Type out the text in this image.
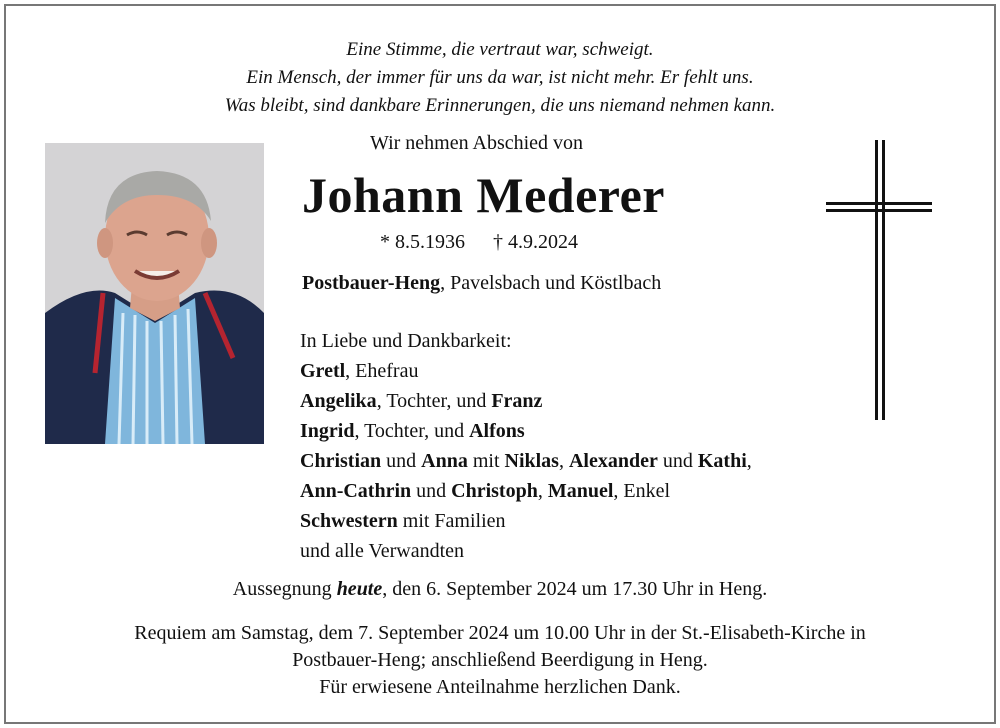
Eine Stimme, die vertraut war, schweigt.
Ein Mensch, der immer für uns da war, ist nicht mehr. Er fehlt uns.
Was bleibt, sind dankbare Erinnerungen, die uns niemand nehmen kann.
Wir nehmen Abschied von
Johann Mederer
* 8.5.1936 † 4.9.2024
Postbauer-Heng, Pavelsbach und Köstlbach
In Liebe und Dankbarkeit:
Gretl, Ehefrau
Angelika, Tochter, und Franz
Ingrid, Tochter, und Alfons
Christian und Anna mit Niklas, Alexander und Kathi,
Ann-Cathrin und Christoph, Manuel, Enkel
Schwestern mit Familien
und alle Verwandten
Aussegnung heute, den 6. September 2024 um 17.30 Uhr in Heng.
Requiem am Samstag, dem 7. September 2024 um 10.00 Uhr in der St.-Elisabeth-Kirche in
Postbauer-Heng; anschließend Beerdigung in Heng.
Für erwiesene Anteilnahme herzlichen Dank.
